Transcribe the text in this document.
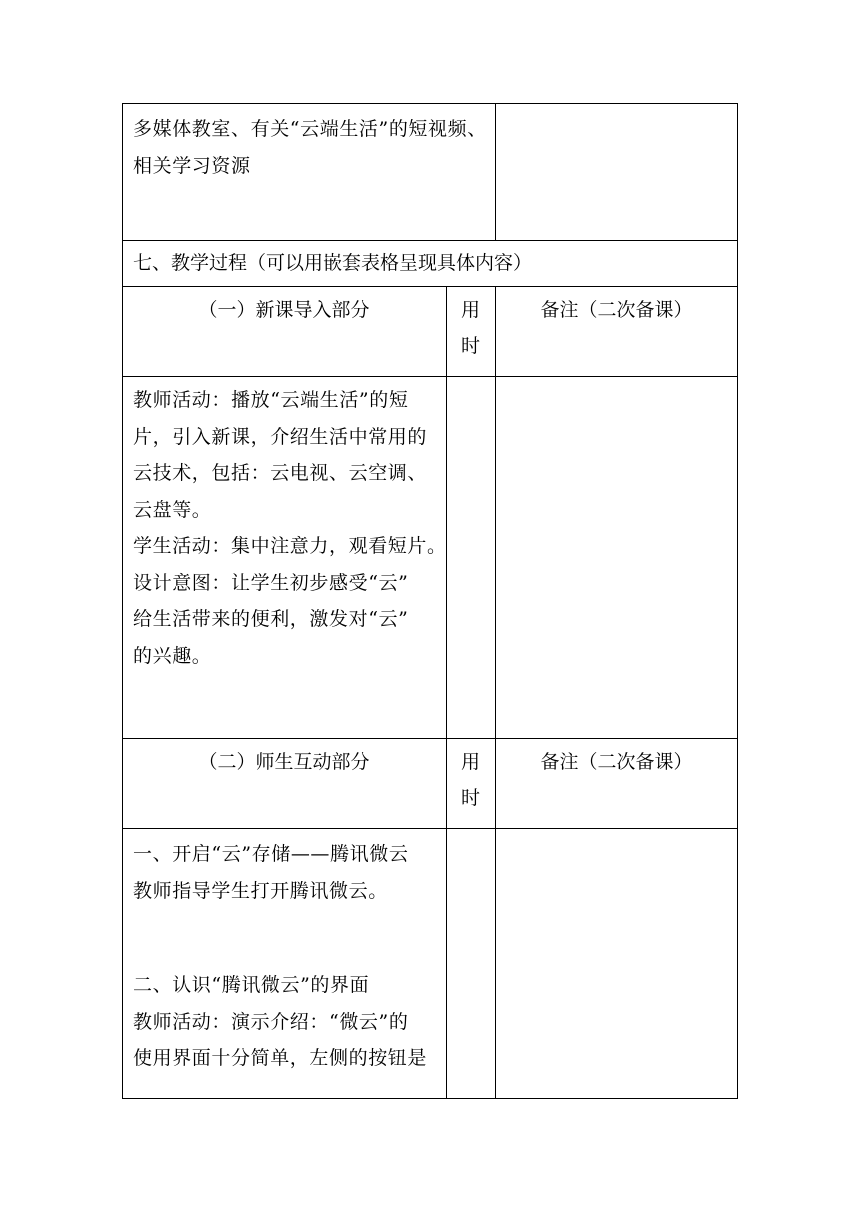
多媒体教室、有关“云端生活”的短视频、

相关学习资源

七、教学过程（可以用嵌套表格呈现具体内容）
（一）新课导入部分	用
时
备注（二次备课）

教师活动：播放“云端生活”的短

片，引入新课，介绍生活中常用的

云技术，包括：云电视、云空调、

云盘等。

学生活动：集中注意力，观看短片。

设计意图：让学生初步感受“云”

给生活带来的便利，激发对“云”

的兴趣。

（二）师生互动部分	用
时
备注（二次备课）

一、开启“云”存储——腾讯微云

教师指导学生打开腾讯微云。

二、认识“腾讯微云”的界面

教师活动：演示介绍：“微云”的

使用界面十分简单，左侧的按钮是
